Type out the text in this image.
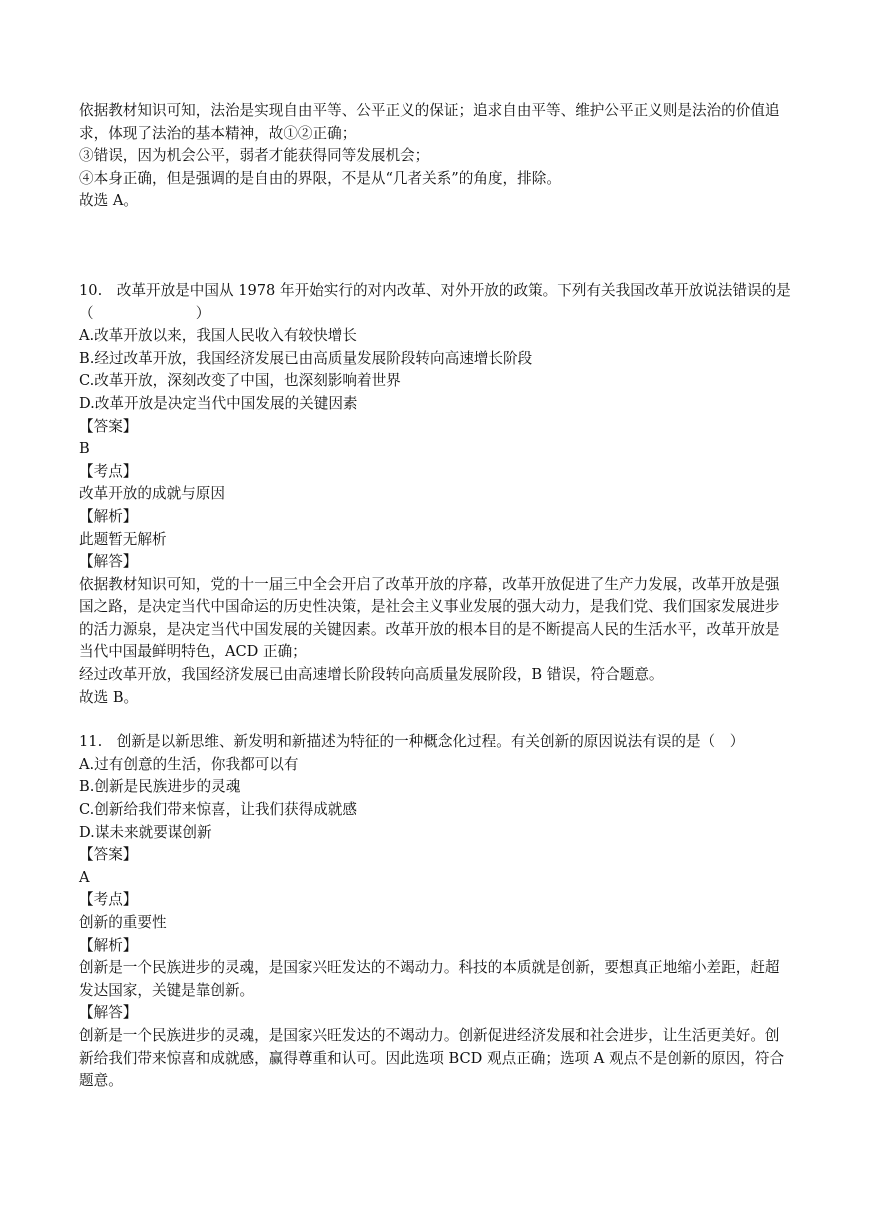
依据教材知识可知，法治是实现自由平等、公平正义的保证；追求自由平等、维护公平正义则是法治的价值追求，体现了法治的基本精神，故①②正确；

③错误，因为机会公平，弱者才能获得同等发展机会；
④本身正确，但是强调的是自由的界限，不是从“几者关系”的角度，排除。
故选 A。

10.　改革开放是中国从 1978 年开始实行的对内改革、对外开放的政策。下列有关我国改革开放说法错误的是（　　　　　　　）

A.改革开放以来，我国人民收入有较快增长
B.经过改革开放，我国经济发展已由高质量发展阶段转向高速增长阶段
C.改革开放，深刻改变了中国，也深刻影响着世界
D.改革开放是决定当代中国发展的关键因素
【答案】
B
【考点】
改革开放的成就与原因
【解析】
此题暂无解析
【解答】

依据教材知识可知，党的十一届三中全会开启了改革开放的序幕，改革开放促进了生产力发展，改革开放是强国之路，是决定当代中国命运的历史性决策，是社会主义事业发展的强大动力，是我们党、我们国家发展进步的活力源泉，是决定当代中国发展的关键因素。改革开放的根本目的是不断提高人民的生活水平，改革开放是当代中国最鲜明特色，ACD 正确；

经过改革开放，我国经济发展已由高速增长阶段转向高质量发展阶段，B 错误，符合题意。
故选 B。
11.　创新是以新思维、新发明和新描述为特征的一种概念化过程。有关创新的原因说法有误的是（　）
A.过有创意的生活，你我都可以有
B.创新是民族进步的灵魂
C.创新给我们带来惊喜，让我们获得成就感
D.谋未来就要谋创新
【答案】
A
【考点】
创新的重要性
【解析】

创新是一个民族进步的灵魂，是国家兴旺发达的不竭动力。科技的本质就是创新，要想真正地缩小差距，赶超发达国家，关键是靠创新。

【解答】

创新是一个民族进步的灵魂，是国家兴旺发达的不竭动力。创新促进经济发展和社会进步，让生活更美好。创新给我们带来惊喜和成就感，赢得尊重和认可。因此选项 BCD 观点正确；选项 A 观点不是创新的原因，符合题意。
